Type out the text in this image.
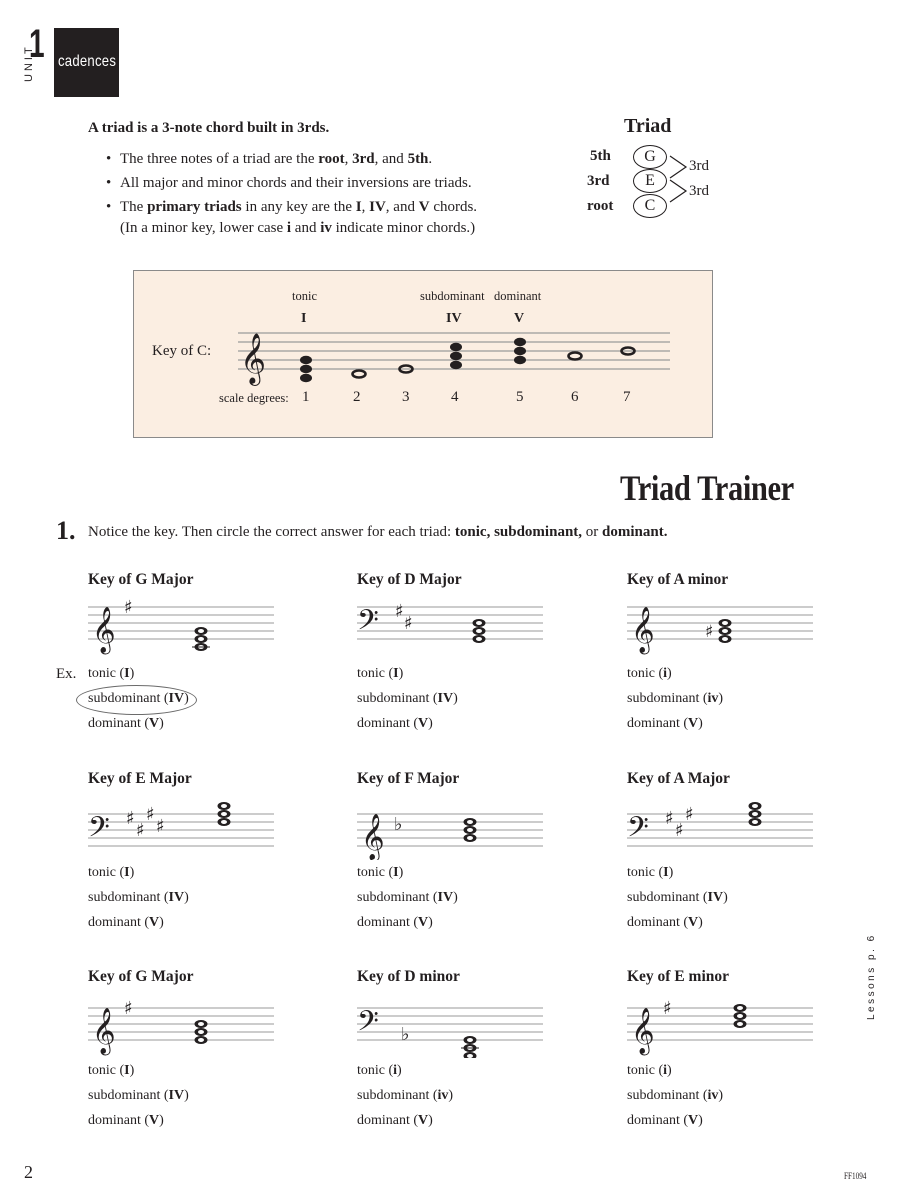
1
UNIT cadences
A triad is a 3-note chord built in 3rds.
• The three notes of a triad are the root, 3rd, and 5th.
• All major and minor chords and their inversions are triads.
• The primary triads in any key are the I, IV, and V chords.
(In a minor key, lower case i and iv indicate minor chords.)
Triad
5th
3rd
root
G
E
C
3rd
3rd
𝄞
tonic	subdominant dominant
I	IV	V
Key of C:
scale degrees: 1	2	3	4	5	6	7
Triad Trainer
1. Notice the key. Then circle the correct answer for each triad: tonic, subdominant, or dominant.
Ex.
Key of G Major
𝄞 ♯
tonic (I)
subdominant (IV)
dominant (V)
Key of D Major
𝄢 ♯
♯
tonic (I)
subdominant (IV)
dominant (V)
Key of A minor
𝄞	♯
tonic (i)
subdominant (iv)
dominant (V)
Key of E Major
𝄢 ♯
♯
♯
♯
tonic (I)
subdominant (IV)
dominant (V)
Key of F Major
𝄞 ♭
tonic (I)
subdominant (IV)
dominant (V)
Key of A Major
𝄢 ♯
♯
♯
tonic (I)
subdominant (IV)
dominant (V)
Key of G Major
𝄞 ♯
tonic (I)
subdominant (IV)
dominant (V)
Key of D minor
𝄢 ♭
tonic (i)
subdominant (iv)
dominant (V)
Key of E minor
𝄞 ♯
tonic (i)
subdominant (iv)
dominant (V)
Lessons p. 6
2	FF1094
